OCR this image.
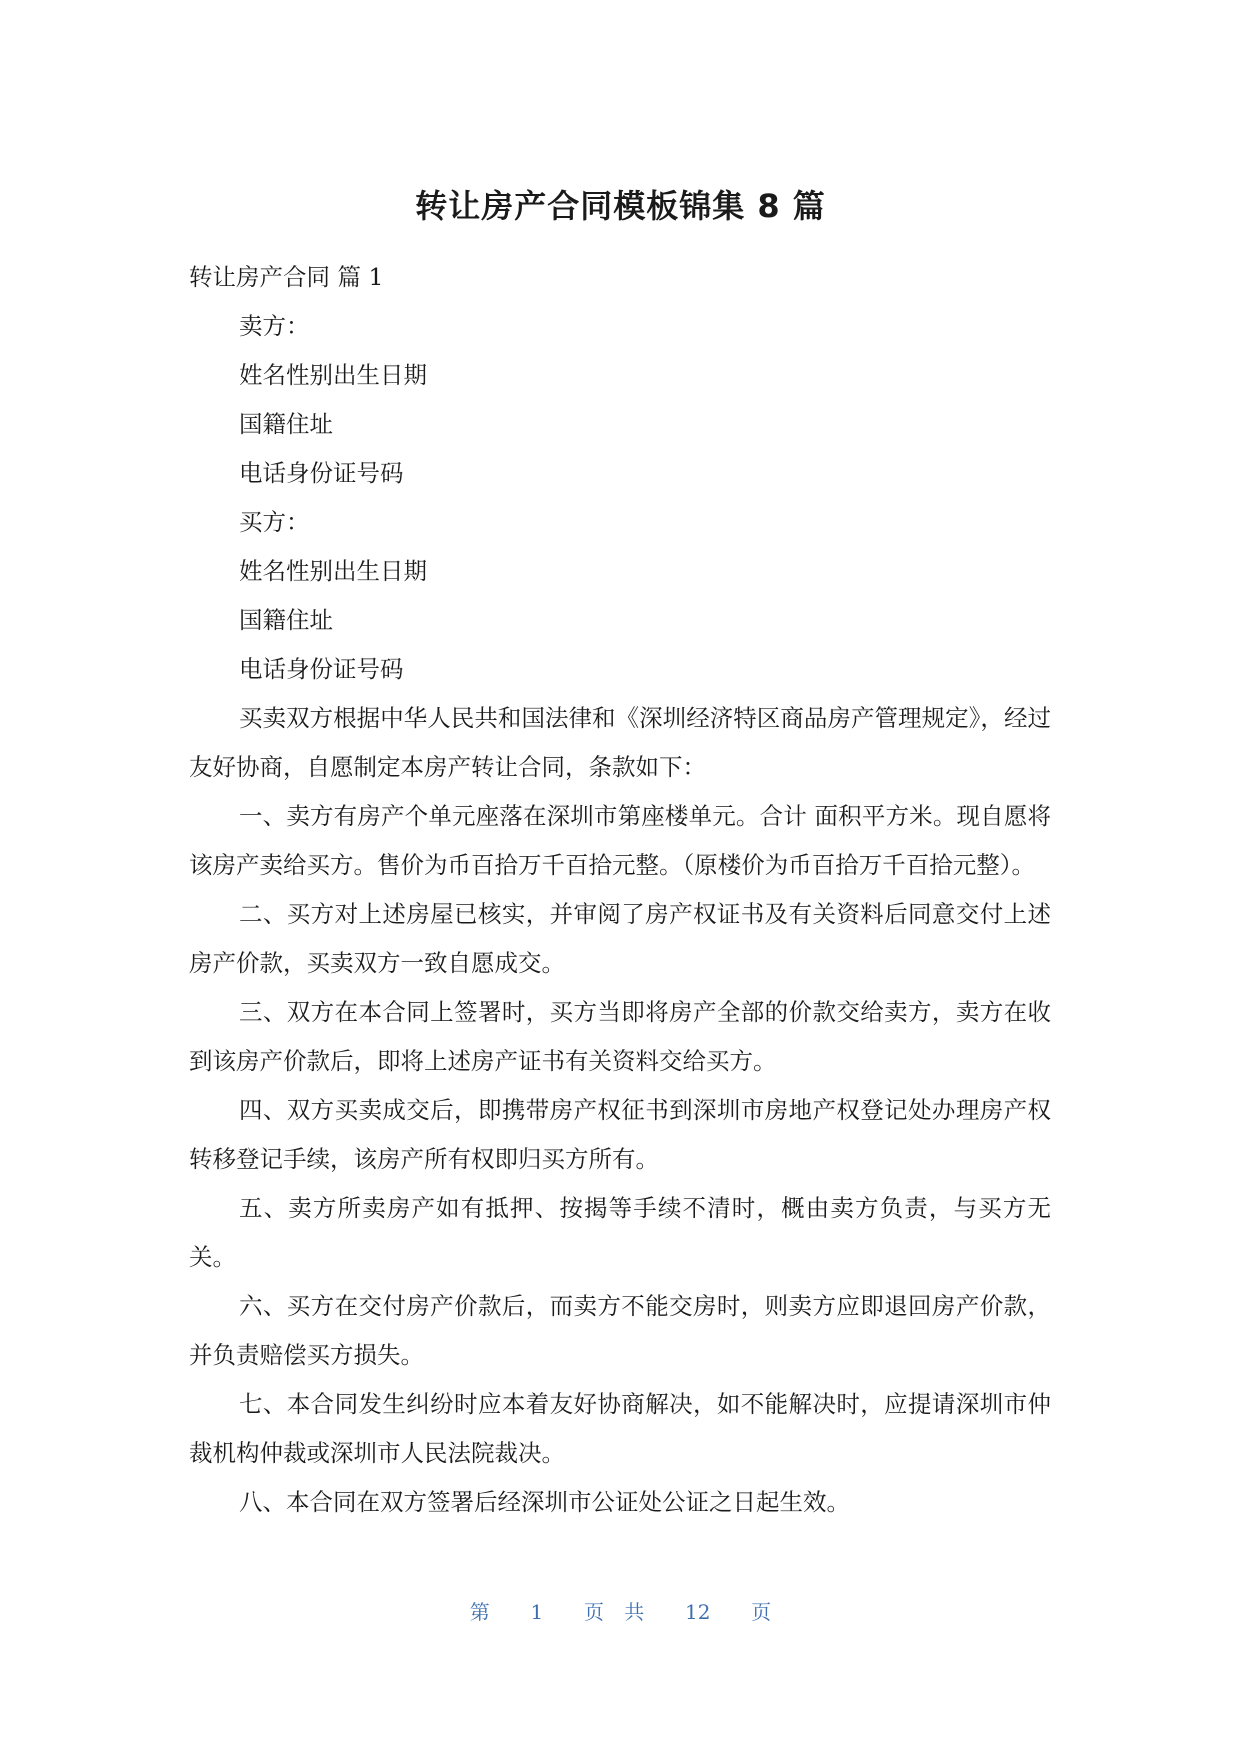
转让房产合同模板锦集 8 篇

转让房产合同 篇 1

卖方：

姓名性别出生日期

国籍住址

电话身份证号码

买方：

姓名性别出生日期

国籍住址

电话身份证号码

买卖双方根据中华人民共和国法律和《深圳经济特区商品房产管理规定》，经过友好协商，自愿制定本房产转让合同，条款如下：

一、卖方有房产个单元座落在深圳市第座楼单元。合计 面积平方米。现自愿将该房产卖给买方。售价为币百拾万千百拾元整。（原楼价为币百拾万千百拾元整）。

二、买方对上述房屋已核实，并审阅了房产权证书及有关资料后同意交付上述房产价款，买卖双方一致自愿成交。

三、双方在本合同上签署时，买方当即将房产全部的价款交给卖方，卖方在收到该房产价款后，即将上述房产证书有关资料交给买方。

四、双方买卖成交后，即携带房产权征书到深圳市房地产权登记处办理房产权转移登记手续，该房产所有权即归买方所有。

五、卖方所卖房产如有抵押、按揭等手续不清时，概由卖方负责，与买方无关。

六、买方在交付房产价款后，而卖方不能交房时，则卖方应即退回房产价款，并负责赔偿买方损失。

七、本合同发生纠纷时应本着友好协商解决，如不能解决时，应提请深圳市仲裁机构仲裁或深圳市人民法院裁决。

八、本合同在双方签署后经深圳市公证处公证之日起生效。

第  1  页 共  12  页
